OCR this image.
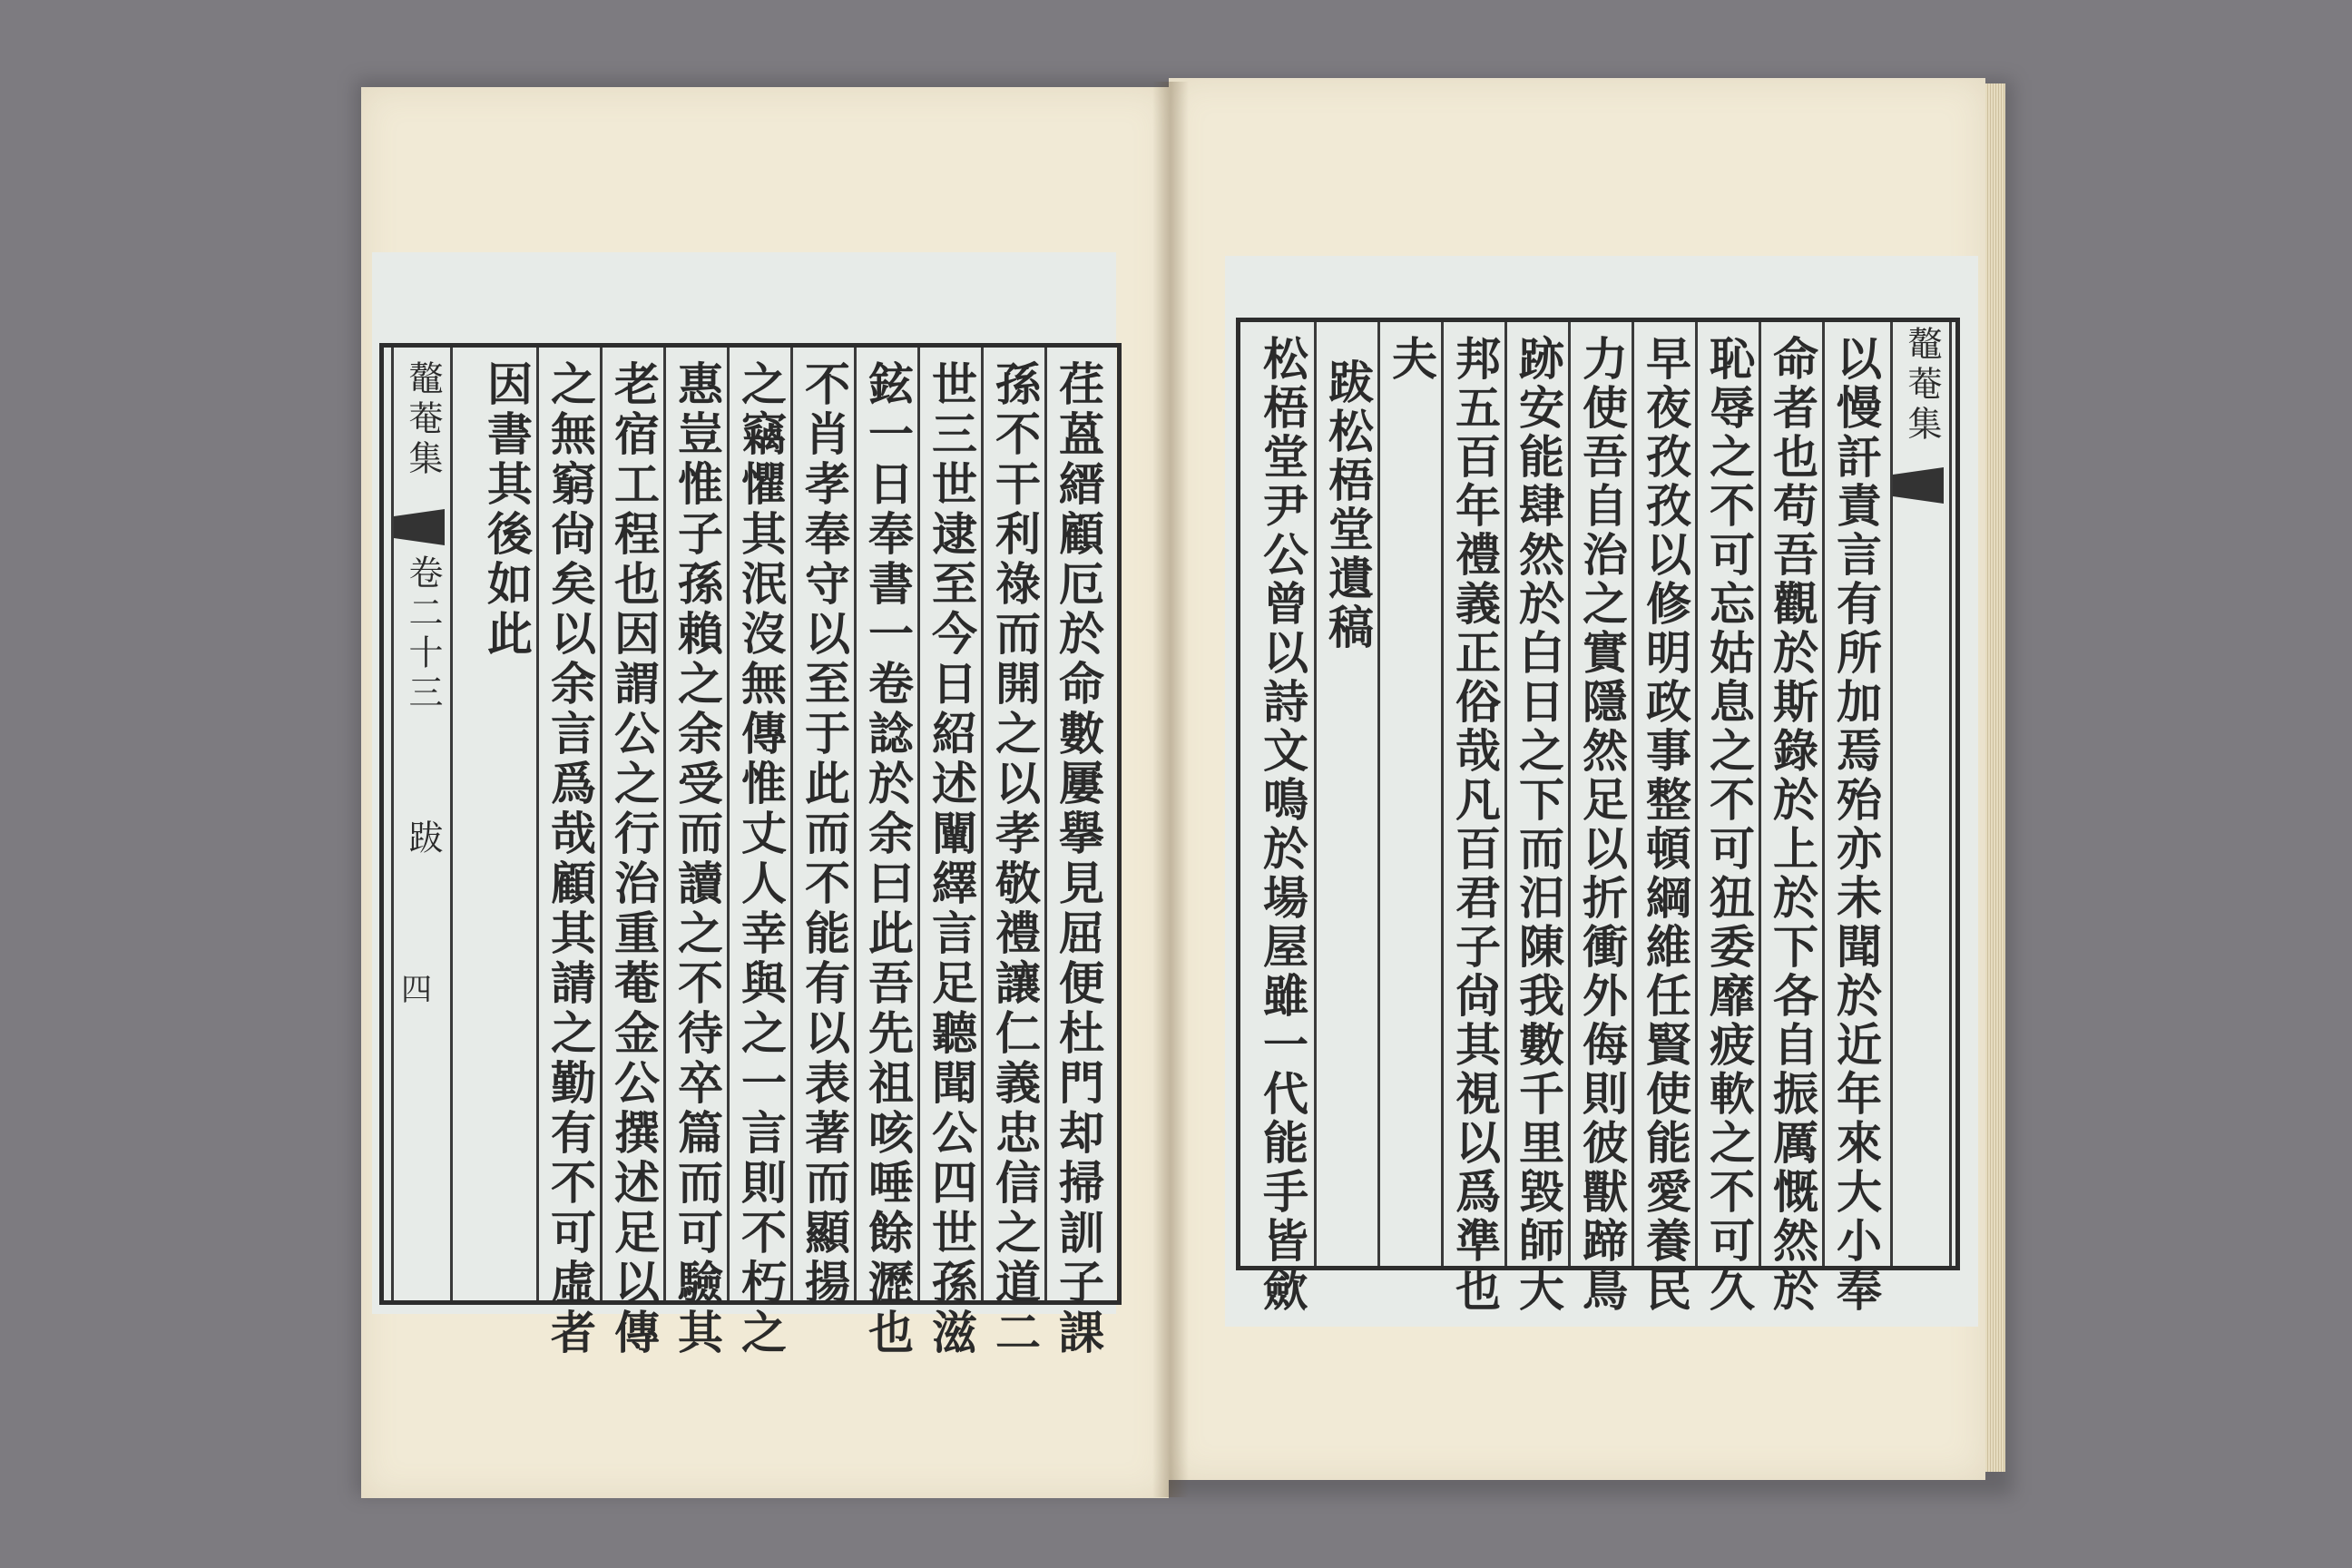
荏蒕縉顧厄於命數屢擧見屈便杜門却掃訓子課
孫不干利祿而開之以孝敬禮讓仁義忠信之道二
世三世逮至今日紹述闡繹言足聽聞公四世孫滋
鉉一日奉書一卷諗於余曰此吾先祖咳唾餘瀝也
不肖孝奉守以至于此而不能有以表著而顯揚
之竊懼其泯沒無傳惟丈人幸與之一言則不朽之
惠豈惟子孫賴之余受而讀之不待卒篇而可驗其
老宿工程也因謂公之行治重菴金公撰述足以傳
之無窮尙矣以余言爲哉顧其請之勤有不可虛者
因書其後如此
鼇菴集
卷二十三
跋
四
鼇菴集
以慢訐責言有所加焉殆亦未聞於近年來大小奉
命者也苟吾觀於斯錄於上於下各自振厲慨然於
恥辱之不可忘姑息之不可狃委靡疲軟之不可久
早夜孜孜以修明政事整頓綱維任賢使能愛養民
力使吾自治之實隱然足以折衝外侮則彼獸蹄鳥
跡安能肆然於白日之下而汨陳我數千里毀師大
邦五百年禮義正俗哉凡百君子尙其視以爲準也
夫
跋松梧堂遺稿
松梧堂尹公曾以詩文鳴於場屋雖一代能手皆歛
